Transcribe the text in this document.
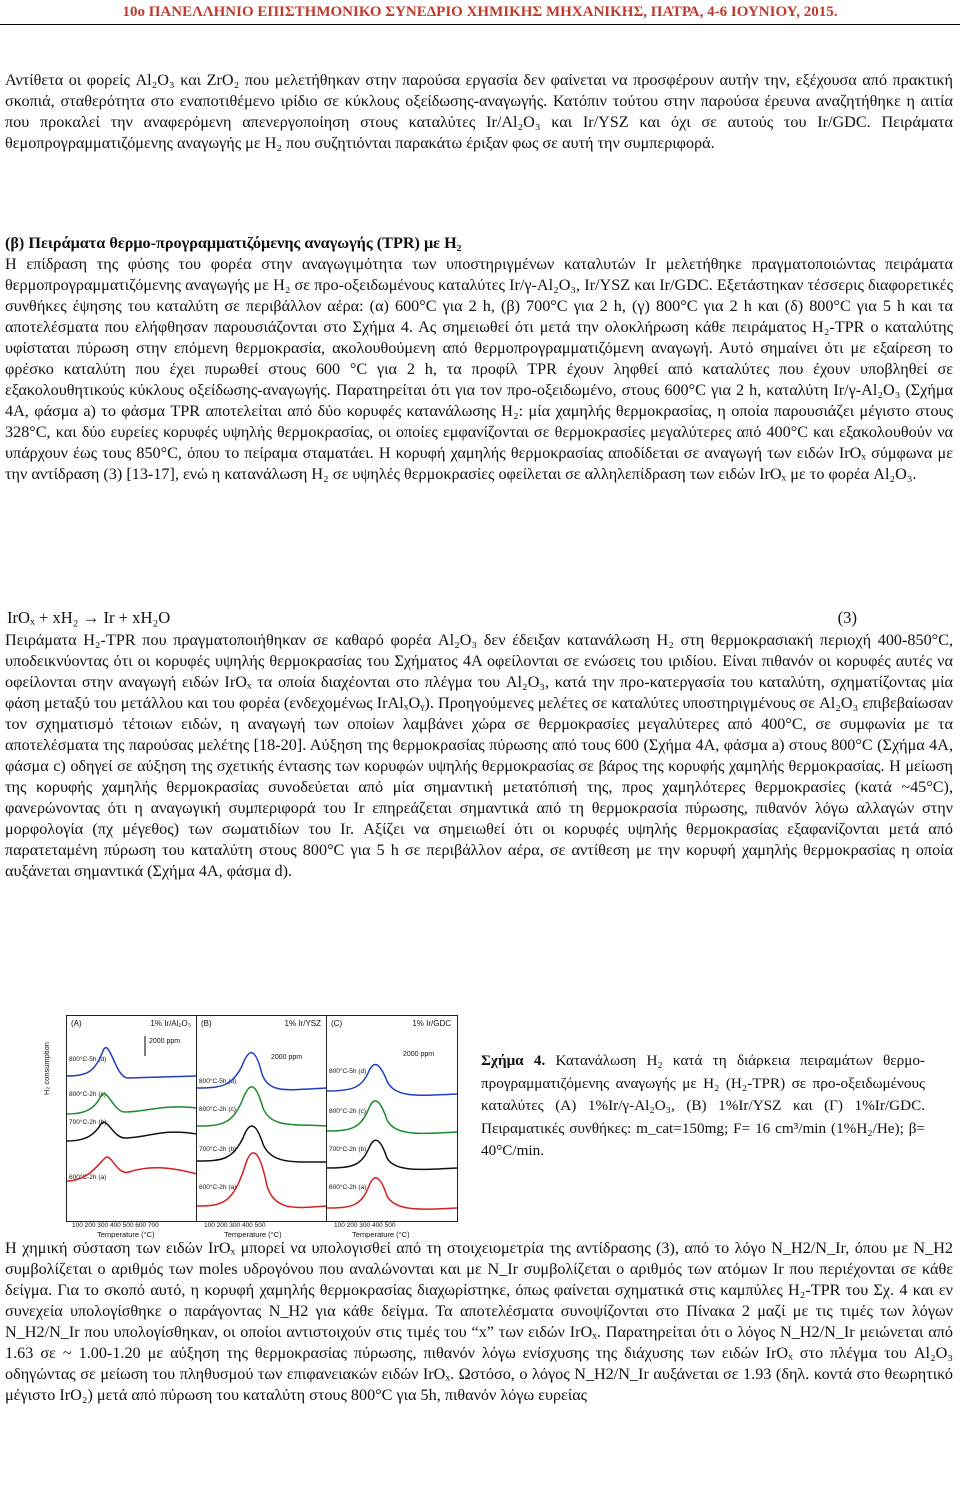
10ο ΠΑΝΕΛΛΗΝΙΟ ΕΠΙΣΤΗΜΟΝΙΚΟ ΣΥΝΕΔΡΙΟ ΧΗΜΙΚΗΣ ΜΗΧΑΝΙΚΗΣ, ΠΑΤΡΑ, 4-6 ΙΟΥΝΙΟΥ, 2015.
Αντίθετα οι φορείς Al₂O₃ και ZrO₂ που μελετήθηκαν στην παρούσα εργασία δεν φαίνεται να προσφέρουν αυτήν την, εξέχουσα από πρακτική σκοπιά, σταθερότητα στο εναποτιθέμενο ιρίδιο σε κύκλους οξείδωσης-αναγωγής. Κατόπιν τούτου στην παρούσα έρευνα αναζητήθηκε η αιτία που προκαλεί την αναφερόμενη απενεργοποίηση στους καταλύτες Ir/Al₂O₃ και Ir/YSZ και όχι σε αυτούς του Ir/GDC. Πειράματα θεμοπρογραμματιζόμενης αναγωγής με H₂ που συζητιόνται παρακάτω έριξαν φως σε αυτή την συμπεριφορά.
(β) Πειράματα θερμο-προγραμματιζόμενης αναγωγής (TPR) με H₂
Η επίδραση της φύσης του φορέα στην αναγωγιμότητα των υποστηριγμένων καταλυτών Ir μελετήθηκε πραγματοποιώντας πειράματα θερμοπρογραμματιζόμενης αναγωγής με H₂ σε προ-οξειδωμένους καταλύτες Ir/γ-Al₂O₃, Ir/YSZ και Ir/GDC. Εξετάστηκαν τέσσερις διαφορετικές συνθήκες έψησης του καταλύτη σε περιβάλλον αέρα: (α) 600°C για 2 h, (β) 700°C για 2 h, (γ) 800°C για 2 h και (δ) 800°C για 5 h και τα αποτελέσματα που ελήφθησαν παρουσιάζονται στο Σχήμα 4. Ας σημειωθεί ότι μετά την ολοκλήρωση κάθε πειράματος H₂-TPR ο καταλύτης υφίσταται πύρωση στην επόμενη θερμοκρασία, ακολουθούμενη από θερμοπρογραμματιζόμενη αναγωγή. Αυτό σημαίνει ότι με εξαίρεση το φρέσκο καταλύτη που έχει πυρωθεί στους 600 °C για 2 h, τα προφίλ TPR έχουν ληφθεί από καταλύτες που έχουν υποβληθεί σε εξακολουθητικούς κύκλους οξείδωσης-αναγωγής. Παρατηρείται ότι για τον προ-οξειδωμένο, στους 600°C για 2 h, καταλύτη Ir/γ-Al₂O₃ (Σχήμα 4A, φάσμα a) το φάσμα TPR αποτελείται από δύο κορυφές κατανάλωσης H₂: μία χαμηλής θερμοκρασίας, η οποία παρουσιάζει μέγιστο στους 328°C, και δύο ευρείες κορυφές υψηλής θερμοκρασίας, οι οποίες εμφανίζονται σε θερμοκρασίες μεγαλύτερες από 400°C και εξακολουθούν να υπάρχουν έως τους 850°C, όπου το πείραμα σταματάει. Η κορυφή χαμηλής θερμοκρασίας αποδίδεται σε αναγωγή των ειδών IrOₓ σύμφωνα με την αντίδραση (3) [13-17], ενώ η κατανάλωση H₂ σε υψηλές θερμοκρασίες οφείλεται σε αλληλεπίδραση των ειδών IrOₓ με το φορέα Al₂O₃.
IrOₓ + xH₂ → Ir + xH₂O	(3)
Πειράματα H₂-TPR που πραγματοποιήθηκαν σε καθαρό φορέα Al₂O₃ δεν έδειξαν κατανάλωση H₂ στη θερμοκρασιακή περιοχή 400-850°C, υποδεικνύοντας ότι οι κορυφές υψηλής θερμοκρασίας του Σχήματος 4A οφείλονται σε ενώσεις του ιριδίου. Είναι πιθανόν οι κορυφές αυτές να οφείλονται στην αναγωγή ειδών IrOₓ τα οποία διαχέονται στο πλέγμα του Al₂O₃, κατά την προ-κατεργασία του καταλύτη, σχηματίζοντας μία φάση μεταξύ του μετάλλου και του φορέα (ενδεχομένως IrAlₓOᵧ). Προηγούμενες μελέτες σε καταλύτες υποστηριγμένους σε Al₂O₃ επιβεβαίωσαν τον σχηματισμό τέτοιων ειδών, η αναγωγή των οποίων λαμβάνει χώρα σε θερμοκρασίες μεγαλύτερες από 400°C, σε συμφωνία με τα αποτελέσματα της παρούσας μελέτης [18-20]. Αύξηση της θερμοκρασίας πύρωσης από τους 600 (Σχήμα 4A, φάσμα a) στους 800°C (Σχήμα 4A, φάσμα c) οδηγεί σε αύξηση της σχετικής έντασης των κορυφών υψηλής θερμοκρασίας σε βάρος της κορυφής χαμηλής θερμοκρασίας. Η μείωση της κορυφής χαμηλής θερμοκρασίας συνοδεύεται από μία σημαντική μετατόπισή της, προς χαμηλότερες θερμοκρασίες (κατά ~45°C), φανερώνοντας ότι η αναγωγική συμπεριφορά του Ir επηρεάζεται σημαντικά από τη θερμοκρασία πύρωσης, πιθανόν λόγω αλλαγών στην μορφολογία (πχ μέγεθος) των σωματιδίων του Ir. Αξίζει να σημειωθεί ότι οι κορυφές υψηλής θερμοκρασίας εξαφανίζονται μετά από παρατεταμένη πύρωση του καταλύτη στους 800°C για 5 h σε περιβάλλον αέρα, σε αντίθεση με την κορυφή χαμηλής θερμοκρασίας η οποία αυξάνεται σημαντικά (Σχήμα 4A, φάσμα d).
H₂ consumption
(A)	1% Ir/Al₂O₃
2000 ppm
800°C-5h (d)
800°C-2h (c)
700°C-2h (b)
600°C-2h (a)
(B)	1% Ir/YSZ
2000 ppm
800°C-5h (d)
800°C-2h (c)
700°C-2h (b)
600°C-2h (a)
(C)	1% Ir/GDC
2000 ppm
800°C-5h (d)
800°C-2h (c)
700°C-2h (b)
600°C-2h (a)
100 200 300 400 500 600 700	100 200 300 400 500	100 200 300 400 500
Temperature (°C)	Temperature (°C)	Temperature (°C)
Σχήμα 4. Κατανάλωση H₂ κατά τη διάρκεια πειραμάτων θερμο-προγραμματιζόμενης αναγωγής με H₂ (H₂-TPR) σε προ-οξειδωμένους καταλύτες (A) 1%Ir/γ-Al₂O₃, (B) 1%Ir/YSZ και (Γ) 1%Ir/GDC. Πειραματικές συνθήκες: m_cat=150mg; F= 16 cm³/min (1%H₂/He); β= 40°C/min.
Η χημική σύσταση των ειδών IrOₓ μπορεί να υπολογισθεί από τη στοιχειομετρία της αντίδρασης (3), από το λόγο N_H2/N_Ir, όπου με N_H2 συμβολίζεται ο αριθμός των moles υδρογόνου που αναλώνονται και με N_Ir συμβολίζεται ο αριθμός των ατόμων Ir που περιέχονται σε κάθε δείγμα. Για το σκοπό αυτό, η κορυφή χαμηλής θερμοκρασίας διαχωρίστηκε, όπως φαίνεται σχηματικά στις καμπύλες H₂-TPR του Σχ. 4 και εν συνεχεία υπολογίσθηκε ο παράγοντας N_H2 για κάθε δείγμα. Τα αποτελέσματα συνοψίζονται στο Πίνακα 2 μαζί με τις τιμές των λόγων N_H2/N_Ir που υπολογίσθηκαν, οι οποίοι αντιστοιχούν στις τιμές του “x” των ειδών IrOₓ. Παρατηρείται ότι ο λόγος N_H2/N_Ir μειώνεται από 1.63 σε ~ 1.00-1.20 με αύξηση της θερμοκρασίας πύρωσης, πιθανόν λόγω ενίσχυσης της διάχυσης των ειδών IrOₓ στο πλέγμα του Al₂O₃ οδηγώντας σε μείωση του πληθυσμού των επιφανειακών ειδών IrOₓ. Ωστόσο, ο λόγος N_H2/N_Ir αυξάνεται σε 1.93 (δηλ. κοντά στο θεωρητικό μέγιστο IrO₂) μετά από πύρωση του καταλύτη στους 800°C για 5h, πιθανόν λόγω ευρείας
